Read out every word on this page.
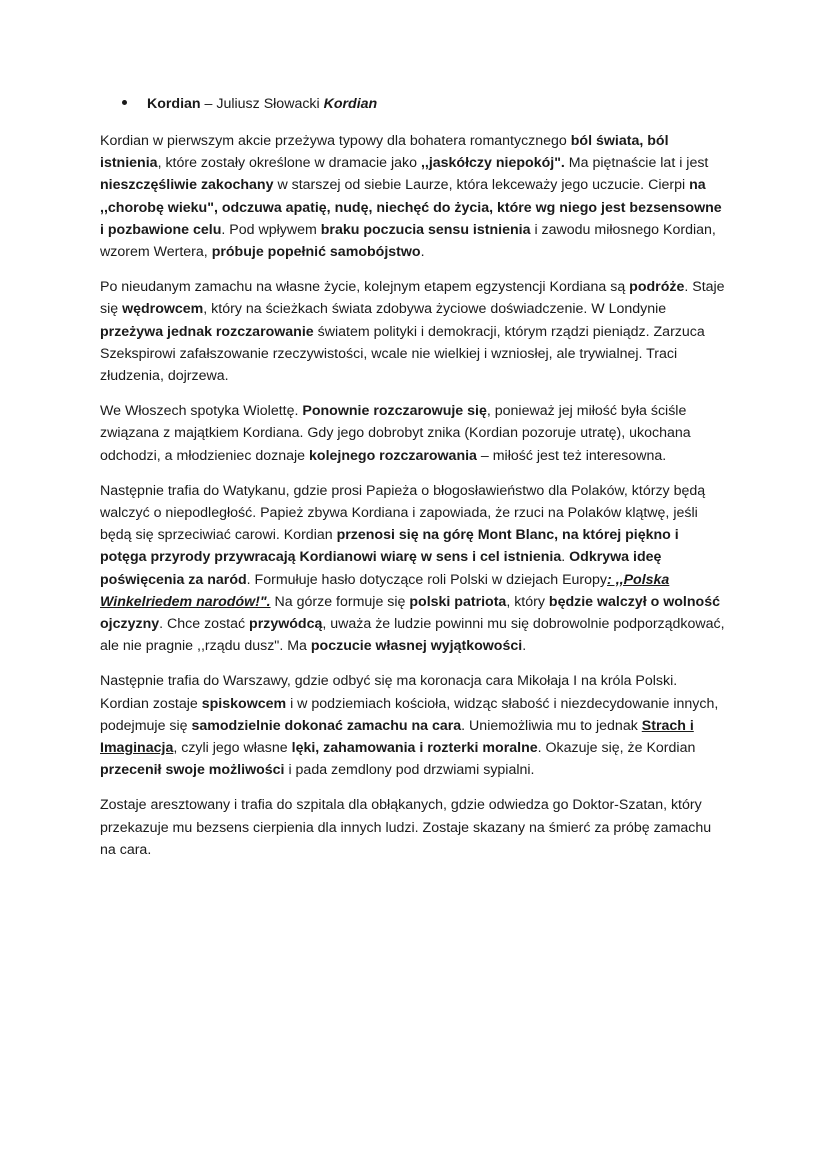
Kordian – Juliusz Słowacki Kordian

Kordian w pierwszym akcie przeżywa typowy dla bohatera romantycznego ból świata, ból istnienia, które zostały określone w dramacie jako ,,jaskółczy niepokój". Ma piętnaście lat i jest nieszczęśliwie zakochany w starszej od siebie Laurze, która lekceważy jego uczucie. Cierpi na ,,chorobę wieku", odczuwa apatię, nudę, niechęć do życia, które wg niego jest bezsensowne i pozbawione celu. Pod wpływem braku poczucia sensu istnienia i zawodu miłosnego Kordian, wzorem Wertera, próbuje popełnić samobójstwo.

Po nieudanym zamachu na własne życie, kolejnym etapem egzystencji Kordiana są podróże. Staje się wędrowcem, który na ścieżkach świata zdobywa życiowe doświadczenie. W Londynie przeżywa jednak rozczarowanie światem polityki i demokracji, którym rządzi pieniądz. Zarzuca Szekspirowi zafałszowanie rzeczywistości, wcale nie wielkiej i wzniosłej, ale trywialnej. Traci złudzenia, dojrzewa.

We Włoszech spotyka Wiolettę. Ponownie rozczarowuje się, ponieważ jej miłość była ściśle związana z majątkiem Kordiana. Gdy jego dobrobyt znika (Kordian pozoruje utratę), ukochana odchodzi, a młodzieniec doznaje kolejnego rozczarowania – miłość jest też interesowna.

Następnie trafia do Watykanu, gdzie prosi Papieża o błogosławieństwo dla Polaków, którzy będą walczyć o niepodległość. Papież zbywa Kordiana i zapowiada, że rzuci na Polaków klątwę, jeśli będą się sprzeciwiać carowi. Kordian przenosi się na górę Mont Blanc, na której piękno i potęga przyrody przywracają Kordianowi wiarę w sens i cel istnienia. Odkrywa ideę poświęcenia za naród. Formułuje hasło dotyczące roli Polski w dziejach Europy: ,,Polska Winkelriedem narodów!". Na górze formuje się polski patriota, który będzie walczył o wolność ojczyzny. Chce zostać przywódcą, uważa że ludzie powinni mu się dobrowolnie podporządkować, ale nie pragnie ,,rządu dusz". Ma poczucie własnej wyjątkowości.

Następnie trafia do Warszawy, gdzie odbyć się ma koronacja cara Mikołaja I na króla Polski. Kordian zostaje spiskowcem i w podziemiach kościoła, widząc słabość i niezdecydowanie innych, podejmuje się samodzielnie dokonać zamachu na cara. Uniemożliwia mu to jednak Strach i Imaginacja, czyli jego własne lęki, zahamowania i rozterki moralne. Okazuje się, że Kordian przecenił swoje możliwości i pada zemdlony pod drzwiami sypialni.

Zostaje aresztowany i trafia do szpitala dla obłąkanych, gdzie odwiedza go Doktor-Szatan, który przekazuje mu bezsens cierpienia dla innych ludzi. Zostaje skazany na śmierć za próbę zamachu na cara.
